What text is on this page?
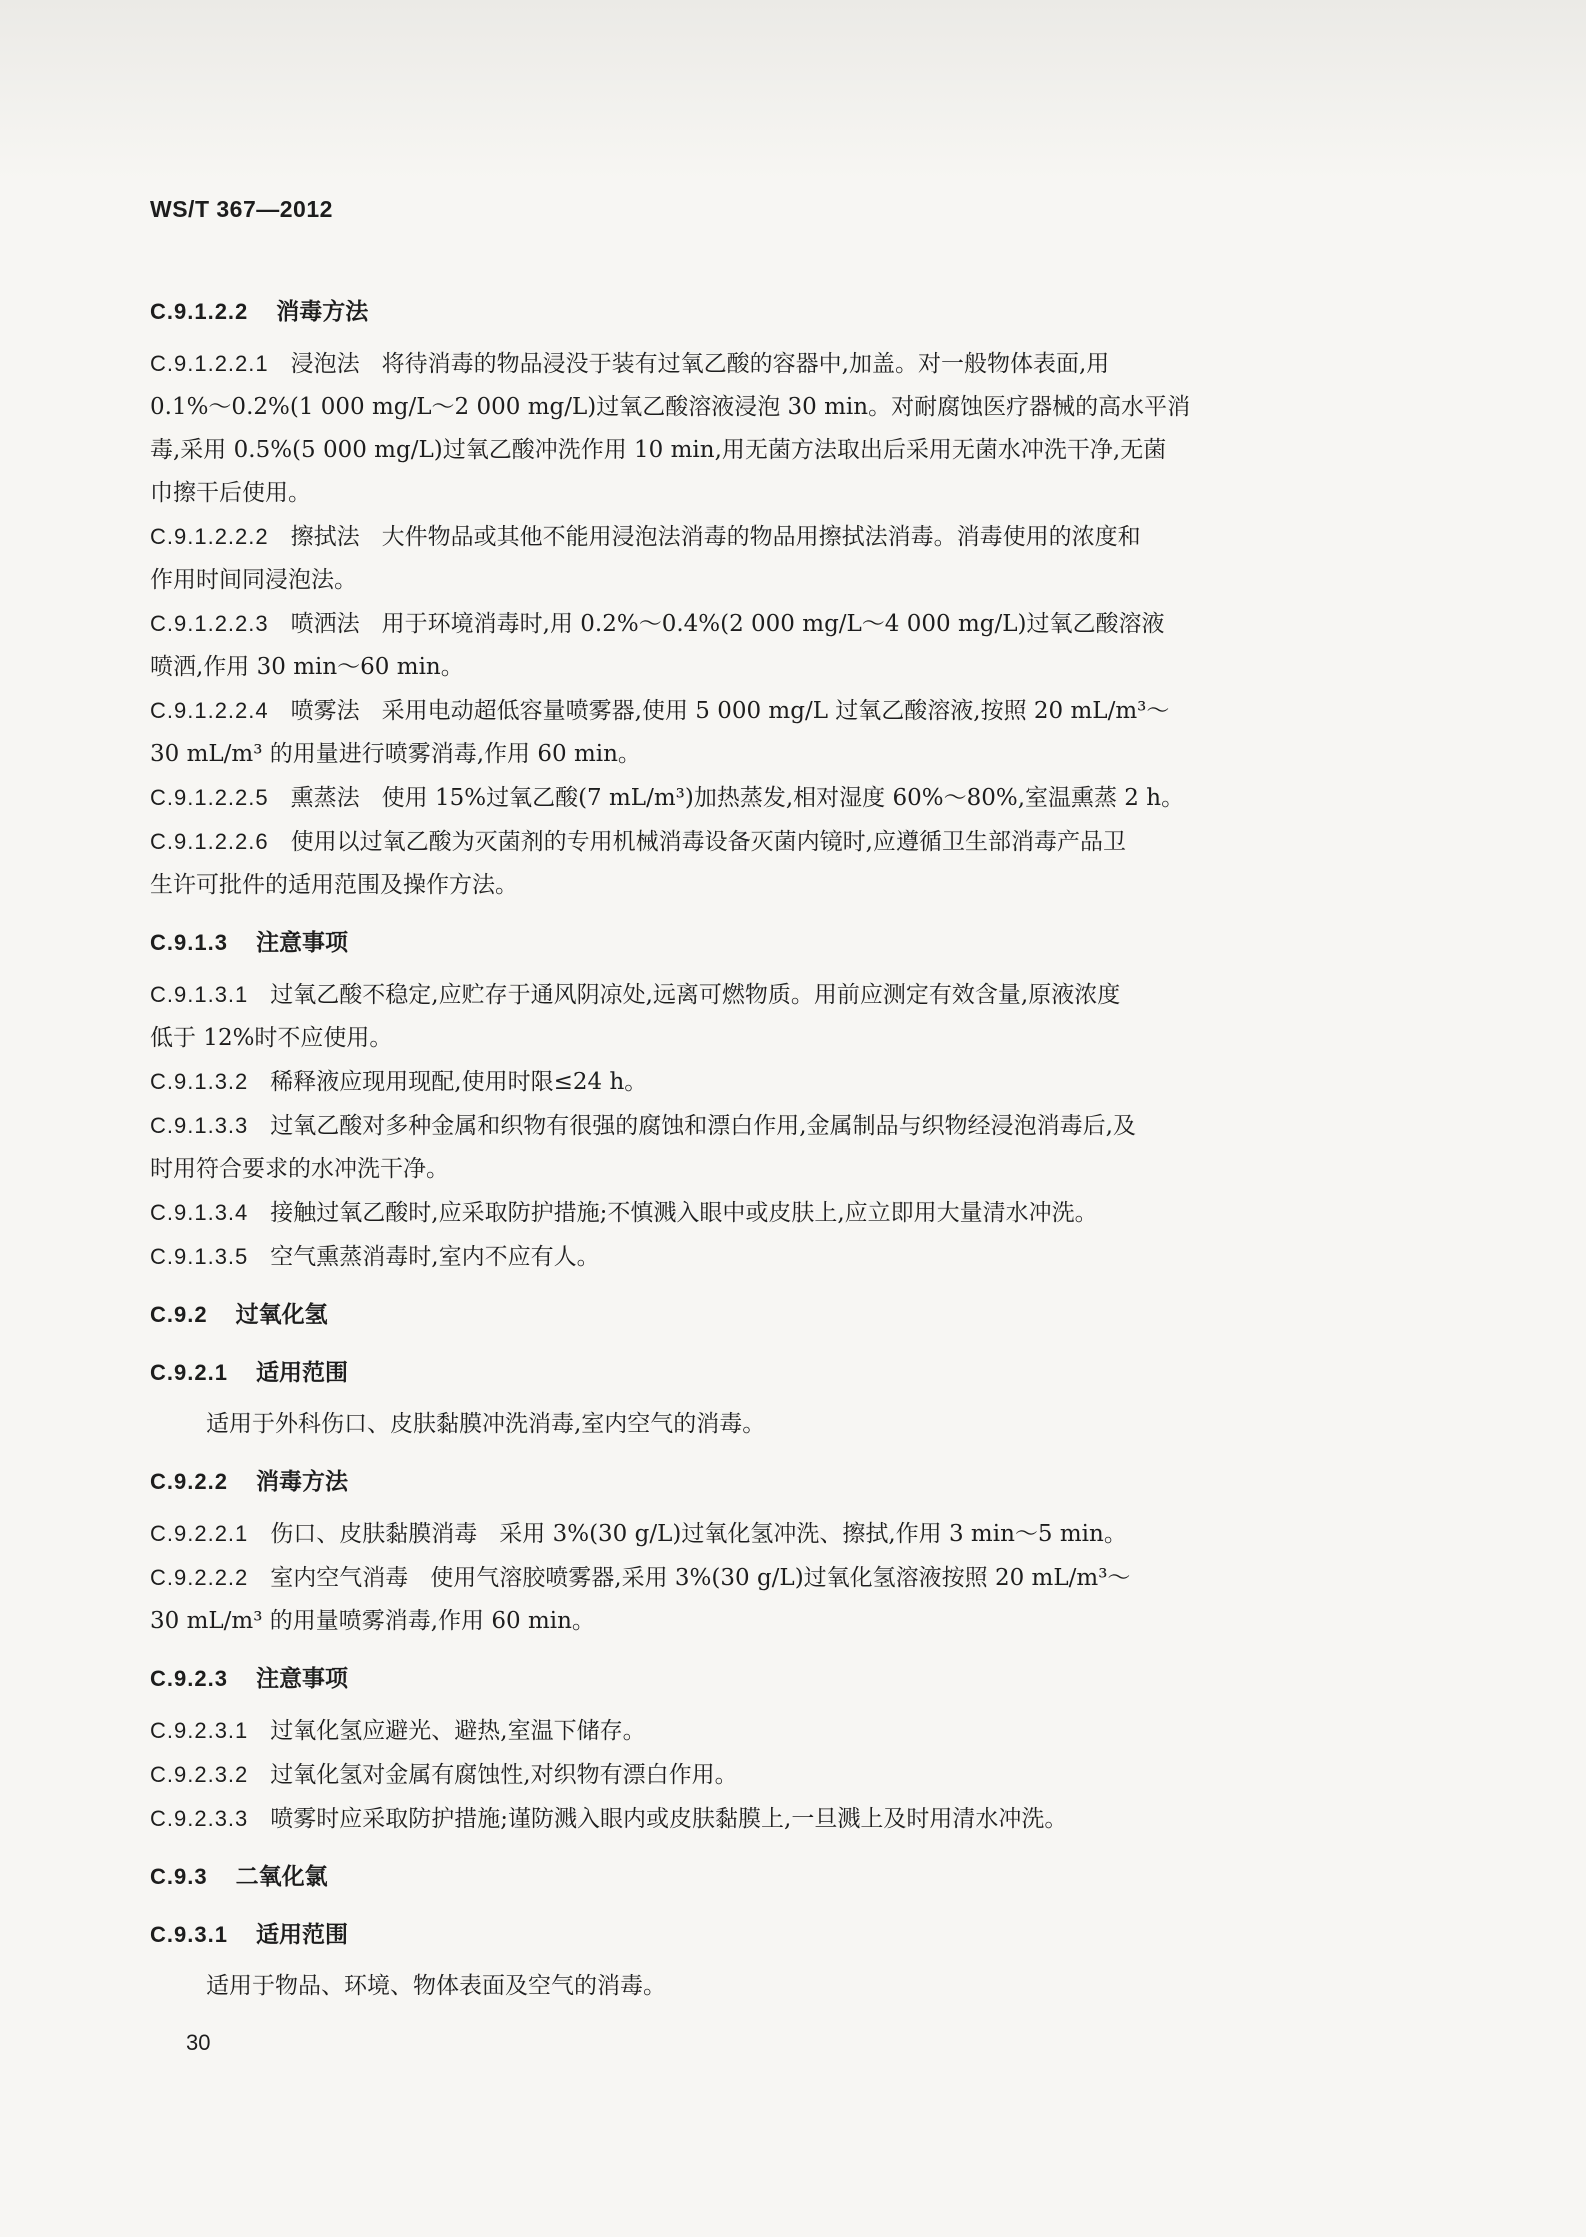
WS/T 367—2012
C.9.1.2.2 消毒方法
C.9.1.2.2.1 浸泡法 将待消毒的物品浸没于装有过氧乙酸的容器中,加盖。对一般物体表面,用
0.1%～0.2%(1 000 mg/L～2 000 mg/L)过氧乙酸溶液浸泡 30 min。对耐腐蚀医疗器械的高水平消
毒,采用 0.5%(5 000 mg/L)过氧乙酸冲洗作用 10 min,用无菌方法取出后采用无菌水冲洗干净,无菌
巾擦干后使用。
C.9.1.2.2.2 擦拭法 大件物品或其他不能用浸泡法消毒的物品用擦拭法消毒。消毒使用的浓度和
作用时间同浸泡法。
C.9.1.2.2.3 喷洒法 用于环境消毒时,用 0.2%～0.4%(2 000 mg/L～4 000 mg/L)过氧乙酸溶液
喷洒,作用 30 min～60 min。
C.9.1.2.2.4 喷雾法 采用电动超低容量喷雾器,使用 5 000 mg/L 过氧乙酸溶液,按照 20 mL/m³～
30 mL/m³ 的用量进行喷雾消毒,作用 60 min。
C.9.1.2.2.5 熏蒸法 使用 15%过氧乙酸(7 mL/m³)加热蒸发,相对湿度 60%～80%,室温熏蒸 2 h。
C.9.1.2.2.6 使用以过氧乙酸为灭菌剂的专用机械消毒设备灭菌内镜时,应遵循卫生部消毒产品卫
生许可批件的适用范围及操作方法。
C.9.1.3 注意事项
C.9.1.3.1 过氧乙酸不稳定,应贮存于通风阴凉处,远离可燃物质。用前应测定有效含量,原液浓度
低于 12%时不应使用。
C.9.1.3.2 稀释液应现用现配,使用时限≤24 h。
C.9.1.3.3 过氧乙酸对多种金属和织物有很强的腐蚀和漂白作用,金属制品与织物经浸泡消毒后,及
时用符合要求的水冲洗干净。
C.9.1.3.4 接触过氧乙酸时,应采取防护措施;不慎溅入眼中或皮肤上,应立即用大量清水冲洗。
C.9.1.3.5 空气熏蒸消毒时,室内不应有人。
C.9.2 过氧化氢
C.9.2.1 适用范围
适用于外科伤口、皮肤黏膜冲洗消毒,室内空气的消毒。
C.9.2.2 消毒方法
C.9.2.2.1 伤口、皮肤黏膜消毒 采用 3%(30 g/L)过氧化氢冲洗、擦拭,作用 3 min～5 min。
C.9.2.2.2 室内空气消毒 使用气溶胶喷雾器,采用 3%(30 g/L)过氧化氢溶液按照 20 mL/m³～
30 mL/m³ 的用量喷雾消毒,作用 60 min。
C.9.2.3 注意事项
C.9.2.3.1 过氧化氢应避光、避热,室温下储存。
C.9.2.3.2 过氧化氢对金属有腐蚀性,对织物有漂白作用。
C.9.2.3.3 喷雾时应采取防护措施;谨防溅入眼内或皮肤黏膜上,一旦溅上及时用清水冲洗。
C.9.3 二氧化氯
C.9.3.1 适用范围
适用于物品、环境、物体表面及空气的消毒。
30
